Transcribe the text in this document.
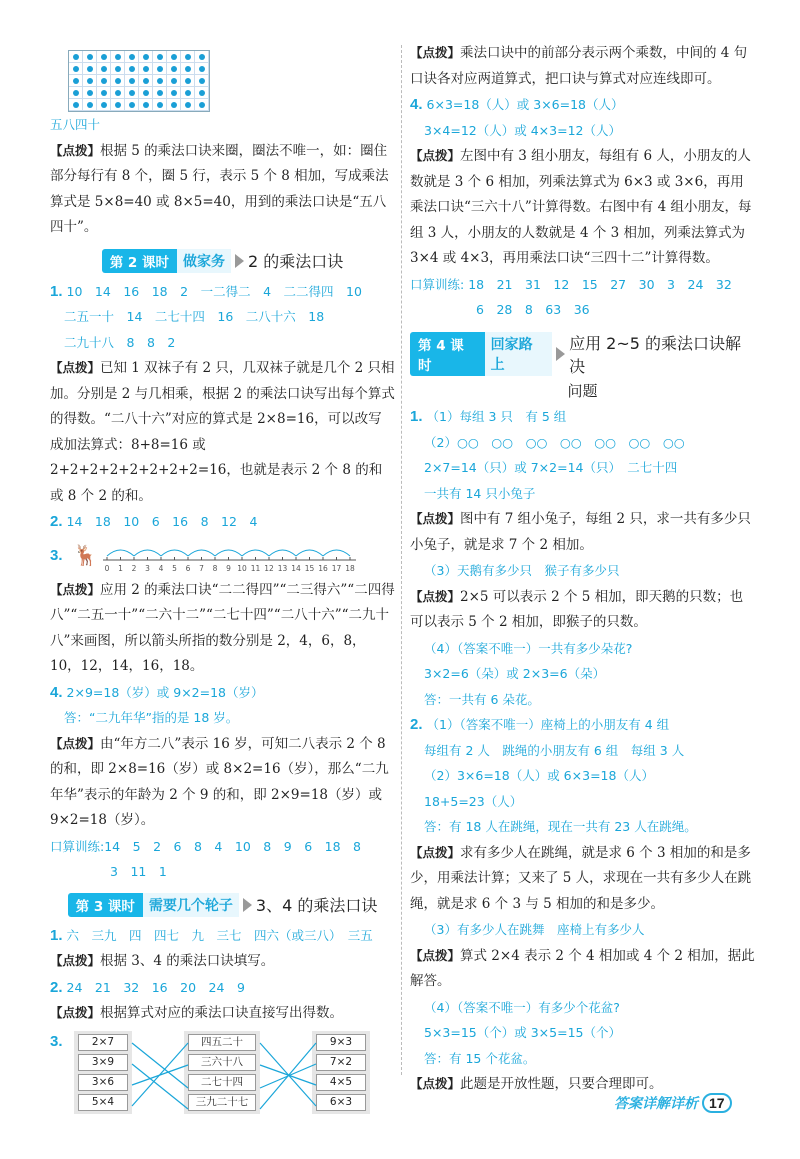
五八四十
【点拨】根据 5 的乘法口诀来圈，圈法不唯一，如：圈住部分每行有 8 个，圈 5 行，表示 5 个 8 相加，写成乘法算式是 5×8=40 或 8×5=40，用到的乘法口诀是“五八四十”。
第 2 课时	做家务	2 的乘法口诀
1. 10　14　16　18　2　一二得二　4　二二得四　10
二五一十　14　二七十四　16　二八十六　18
二九十八　8　8　2
【点拨】已知 1 双袜子有 2 只，几双袜子就是几个 2 只相加。分别是 2 与几相乘，根据 2 的乘法口诀写出每个算式的得数。“二八十六”对应的算式是 2×8=16，可以改写成加法算式：8+8=16 或 2+2+2+2+2+2+2+2=16，也就是表示 2 个 8 的和或 8 个 2 的和。
2. 14　18　10　6　16　8　12　4
3. 🦌
0 1 2 3 4 5 6 7 8 9 10 11 12 13 14 15 16 17 18
【点拨】应用 2 的乘法口诀“二二得四”“二三得六”“二四得八”“二五一十”“二六十二”“二七十四”“二八十六”“二九十八”来画图，所以箭头所指的数分别是 2，4，6，8，10，12，14，16，18。
4. 2×9=18（岁）或 9×2=18（岁）
答：“二九年华”指的是 18 岁。
【点拨】由“年方二八”表示 16 岁，可知二八表示 2 个 8 的和，即 2×8=16（岁）或 8×2=16（岁），那么“二九年华”表示的年龄为 2 个 9 的和，即 2×9=18（岁）或 9×2=18（岁）。
口算训练:14　5　2　6　8　4　10　8　9　6　18　8
3　11　1
第 3 课时	需要几个轮子	3、4 的乘法口诀
1. 六　三九　四　四七　九　三七　四六（或三八）　三五
【点拨】根据 3、4 的乘法口诀填写。
2. 24　21　32　16　20　24　9
【点拨】根据算式对应的乘法口诀直接写出得数。
3.	2×7
3×9
3×6
5×4
四五二十
三六十八
二七十四
三九二十七
9×3
7×2
4×5
6×3
【点拨】乘法口诀中的前部分表示两个乘数，中间的 4 句口诀各对应两道算式，把口诀与算式对应连线即可。
4. 6×3=18（人）或 3×6=18（人）
3×4=12（人）或 4×3=12（人）
【点拨】左图中有 3 组小朋友，每组有 6 人，小朋友的人数就是 3 个 6 相加，列乘法算式为 6×3 或 3×6，再用乘法口诀“三六十八”计算得数。右图中有 4 组小朋友，每组 3 人，小朋友的人数就是 4 个 3 相加，列乘法算式为 3×4 或 4×3，再用乘法口诀“三四十二”计算得数。
口算训练: 18　21　31　12　15　27　30　3　24　32
6　28　8　63　36
第 4 课时
回家路上
应用 2~5 的乘法口诀解决
问题
1. （1）每组 3 只　有 5 组
（2）○○　○○　○○　○○　○○　○○　○○
2×7=14（只）或 7×2=14（只）　二七十四
一共有 14 只小兔子
【点拨】图中有 7 组小兔子，每组 2 只，求一共有多少只小兔子，就是求 7 个 2 相加。
（3）天鹅有多少只　猴子有多少只
【点拨】2×5 可以表示 2 个 5 相加，即天鹅的只数；也可以表示 5 个 2 相加，即猴子的只数。
（4）（答案不唯一）一共有多少朵花?
3×2=6（朵）或 2×3=6（朵）
答：一共有 6 朵花。
2. （1）（答案不唯一）座椅上的小朋友有 4 组
每组有 2 人　跳绳的小朋友有 6 组　每组 3 人
（2）3×6=18（人）或 6×3=18（人）
18+5=23（人）
答：有 18 人在跳绳，现在一共有 23 人在跳绳。
【点拨】求有多少人在跳绳，就是求 6 个 3 相加的和是多少，用乘法计算；又来了 5 人，求现在一共有多少人在跳绳，就是求 6 个 3 与 5 相加的和是多少。
（3）有多少人在跳舞　座椅上有多少人
【点拨】算式 2×4 表示 2 个 4 相加或 4 个 2 相加，据此解答。
（4）（答案不唯一）有多少个花盆?
5×3=15（个）或 3×5=15（个）
答：有 15 个花盆。
【点拨】此题是开放性题，只要合理即可。
答案详解详析 17
